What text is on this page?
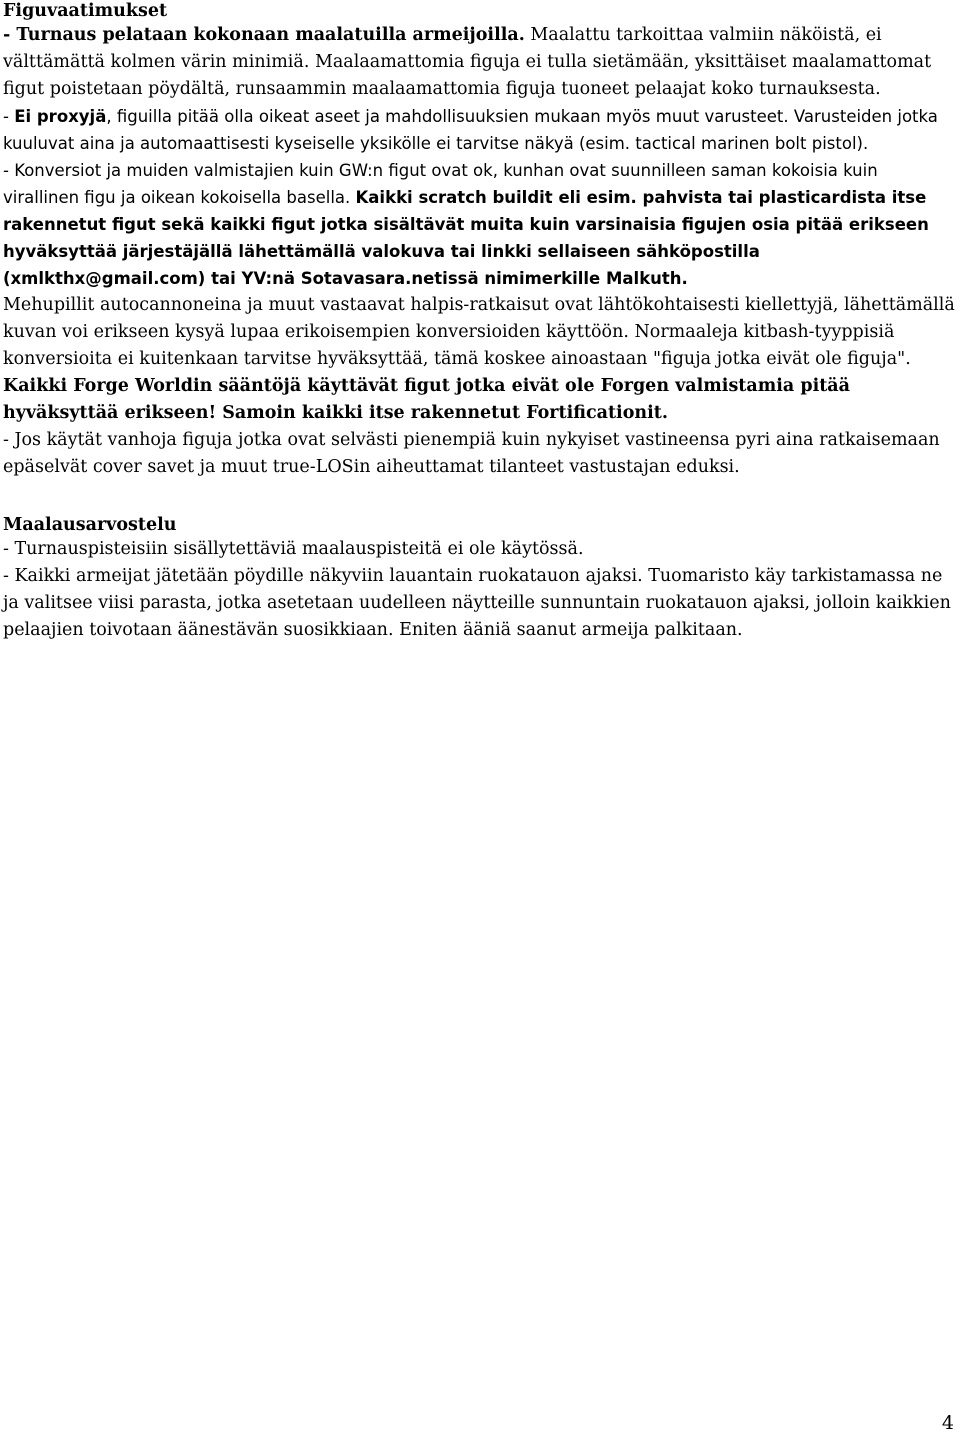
Figuvaatimukset

- Turnaus pelataan kokonaan maalatuilla armeijoilla. Maalattu tarkoittaa valmiin näköistä, ei välttämättä kolmen värin minimiä. Maalaamattomia figuja ei tulla sietämään, yksittäiset maalamattomat figut poistetaan pöydältä, runsaammin maalaamattomia figuja tuoneet pelaajat koko turnauksesta.

- Ei proxyjä, figuilla pitää olla oikeat aseet ja mahdollisuuksien mukaan myös muut varusteet. Varusteiden jotka kuuluvat aina ja automaattisesti kyseiselle yksikölle ei tarvitse näkyä (esim. tactical marinen bolt pistol).

- Konversiot ja muiden valmistajien kuin GW:n figut ovat ok, kunhan ovat suunnilleen saman kokoisia kuin virallinen figu ja oikean kokoisella basella. Kaikki scratch buildit eli esim. pahvista tai plasticardista itse rakennetut figut sekä kaikki figut jotka sisältävät muita kuin varsinaisia figujen osia pitää erikseen hyväksyttää järjestäjällä lähettämällä valokuva tai linkki sellaiseen sähköpostilla (xmlkthx@gmail.com) tai YV:nä Sotavasara.netissä nimimerkille Malkuth.

Mehupillit autocannoneina ja muut vastaavat halpis-ratkaisut ovat lähtökohtaisesti kiellettyjä, lähettämällä kuvan voi erikseen kysyä lupaa erikoisempien konversioiden käyttöön. Normaaleja kitbash-tyyppisiä konversioita ei kuitenkaan tarvitse hyväksyttää, tämä koskee ainoastaan "figuja jotka eivät ole figuja". Kaikki Forge Worldin sääntöjä käyttävät figut jotka eivät ole Forgen valmistamia pitää hyväksyttää erikseen! Samoin kaikki itse rakennetut Fortificationit.

- Jos käytät vanhoja figuja jotka ovat selvästi pienempiä kuin nykyiset vastineensa pyri aina ratkaisemaan epäselvät cover savet ja muut true-LOSin aiheuttamat tilanteet vastustajan eduksi.

Maalausarvostelu

- Turnauspisteisiin sisällytettäviä maalauspisteitä ei ole käytössä.

- Kaikki armeijat jätetään pöydille näkyviin lauantain ruokatauon ajaksi. Tuomaristo käy tarkistamassa ne ja valitsee viisi parasta, jotka asetetaan uudelleen näytteille sunnuntain ruokatauon ajaksi, jolloin kaikkien pelaajien toivotaan äänestävän suosikkiaan. Eniten ääniä saanut armeija palkitaan.

4
